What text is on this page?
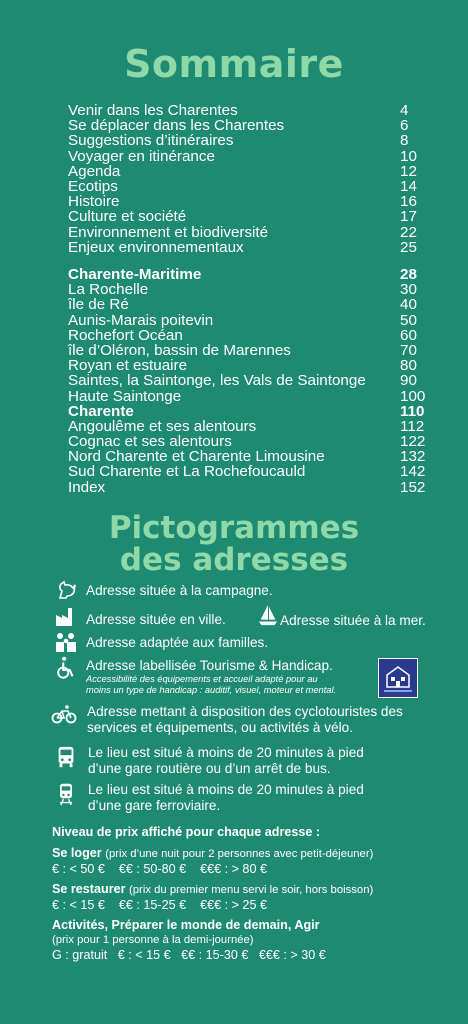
Sommaire
Venir dans les Charentes	4
Se déplacer dans les Charentes	6
Suggestions d’itinéraires	8
Voyager en itinérance	10
Agenda	12
Ecotips	14
Histoire	16
Culture et société	17
Environnement et biodiversité	22
Enjeux environnementaux	25
Charente-Maritime	28
La Rochelle	30
île de Ré	40
Aunis-Marais poitevin	50
Rochefort Océan	60
île d’Oléron, bassin de Marennes	70
Royan et estuaire	80
Saintes, la Saintonge, les Vals de Saintonge 90
Haute Saintonge	100
Charente	110
Angoulême et ses alentours	112
Cognac et ses alentours	122
Nord Charente et Charente Limousine	132
Sud Charente et La Rochefoucauld	142
Index	152
Pictogrammes
des adresses
Adresse située à la campagne.
Adresse située en ville.	Adresse située à la mer.
Adresse adaptée aux familles.
Adresse labellisée Tourisme & Handicap.
Accessibilité des équipements et accueil adapté pour au
moins un type de handicap : auditif, visuel, moteur et mental.
Adresse mettant à disposition des cyclotouristes des
services et équipements, ou activités à vélo.
Le lieu est situé à moins de 20 minutes à pied
d’une gare routière ou d’un arrêt de bus.
Le lieu est situé à moins de 20 minutes à pied
d’une gare ferroviaire.
Niveau de prix affiché pour chaque adresse :
Se loger (prix d’une nuit pour 2 personnes avec petit-déjeuner)
€ : < 50 €    €€ : 50-80 €    €€€ : > 80 €
Se restaurer (prix du premier menu servi le soir, hors boisson)
€ : < 15 €    €€ : 15-25 €    €€€ : > 25 €
Activités, Préparer le monde de demain, Agir
(prix pour 1 personne à la demi-journée)
G : gratuit   € : < 15 €   €€ : 15-30 €   €€€ : > 30 €
